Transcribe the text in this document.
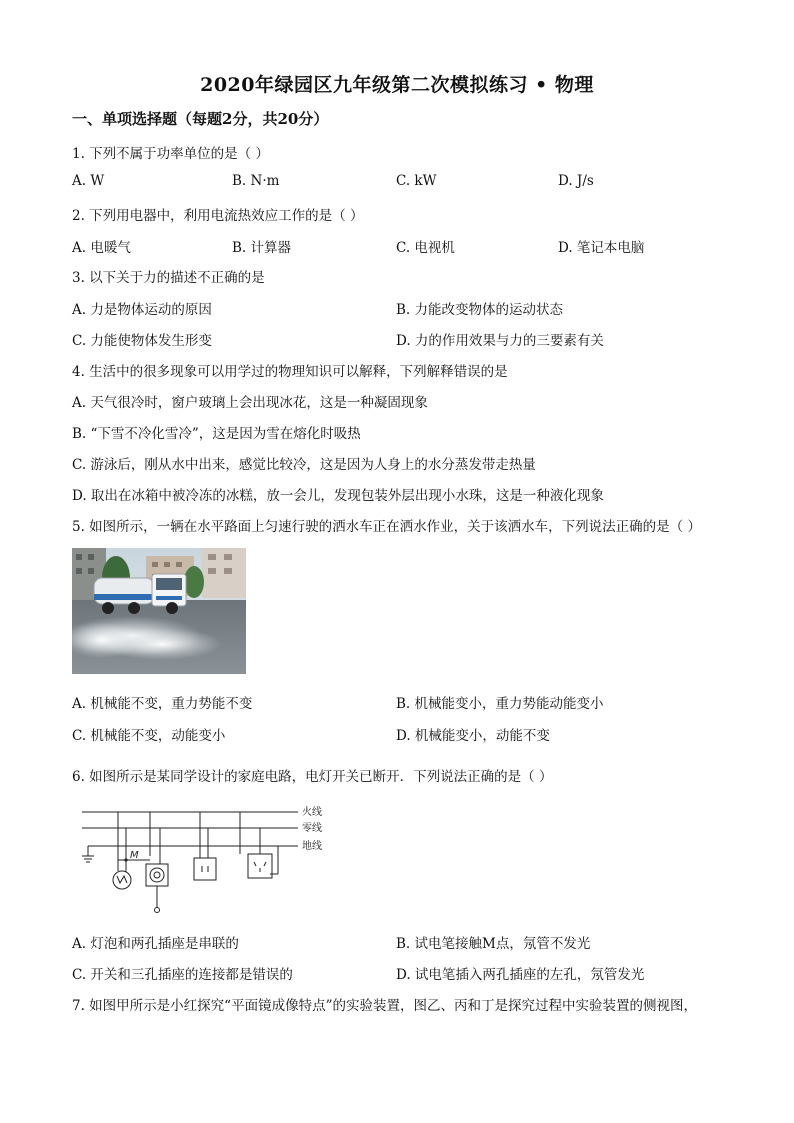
2020年绿园区九年级第二次模拟练习 • 物理
一、单项选择题（每题2分，共20分）
1. 下列不属于功率单位的是（ ）
A. W	B. N·m	C. kW	D. J/s
2. 下列用电器中，利用电流热效应工作的是（ ）
A. 电暖气	B. 计算器	C. 电视机	D. 笔记本电脑
3. 以下关于力的描述不正确的是
A. 力是物体运动的原因	B. 力能改变物体的运动状态
C. 力能使物体发生形变	D. 力的作用效果与力的三要素有关
4. 生活中的很多现象可以用学过的物理知识可以解释，下列解释错误的是
A. 天气很冷时，窗户玻璃上会出现冰花，这是一种凝固现象
B. “下雪不冷化雪冷”，这是因为雪在熔化时吸热
C. 游泳后，刚从水中出来，感觉比较冷，这是因为人身上的水分蒸发带走热量
D. 取出在冰箱中被冷冻的冰糕，放一会儿，发现包装外层出现小水珠，这是一种液化现象
5. 如图所示，一辆在水平路面上匀速行驶的洒水车正在洒水作业，关于该洒水车，下列说法正确的是（ ）
A. 机械能不变，重力势能不变	B. 机械能变小，重力势能动能变小
C. 机械能不变，动能变小	D. 机械能变小，动能不变
6. 如图所示是某同学设计的家庭电路，电灯开关已断开．下列说法正确的是（ ）
M
火线
零线
地线
A. 灯泡和两孔插座是串联的	B. 试电笔接触M点，氖管不发光
C. 开关和三孔插座的连接都是错误的	D. 试电笔插入两孔插座的左孔，氖管发光
7. 如图甲所示是小红探究“平面镜成像特点”的实验装置，图乙、丙和丁是探究过程中实验装置的侧视图，
